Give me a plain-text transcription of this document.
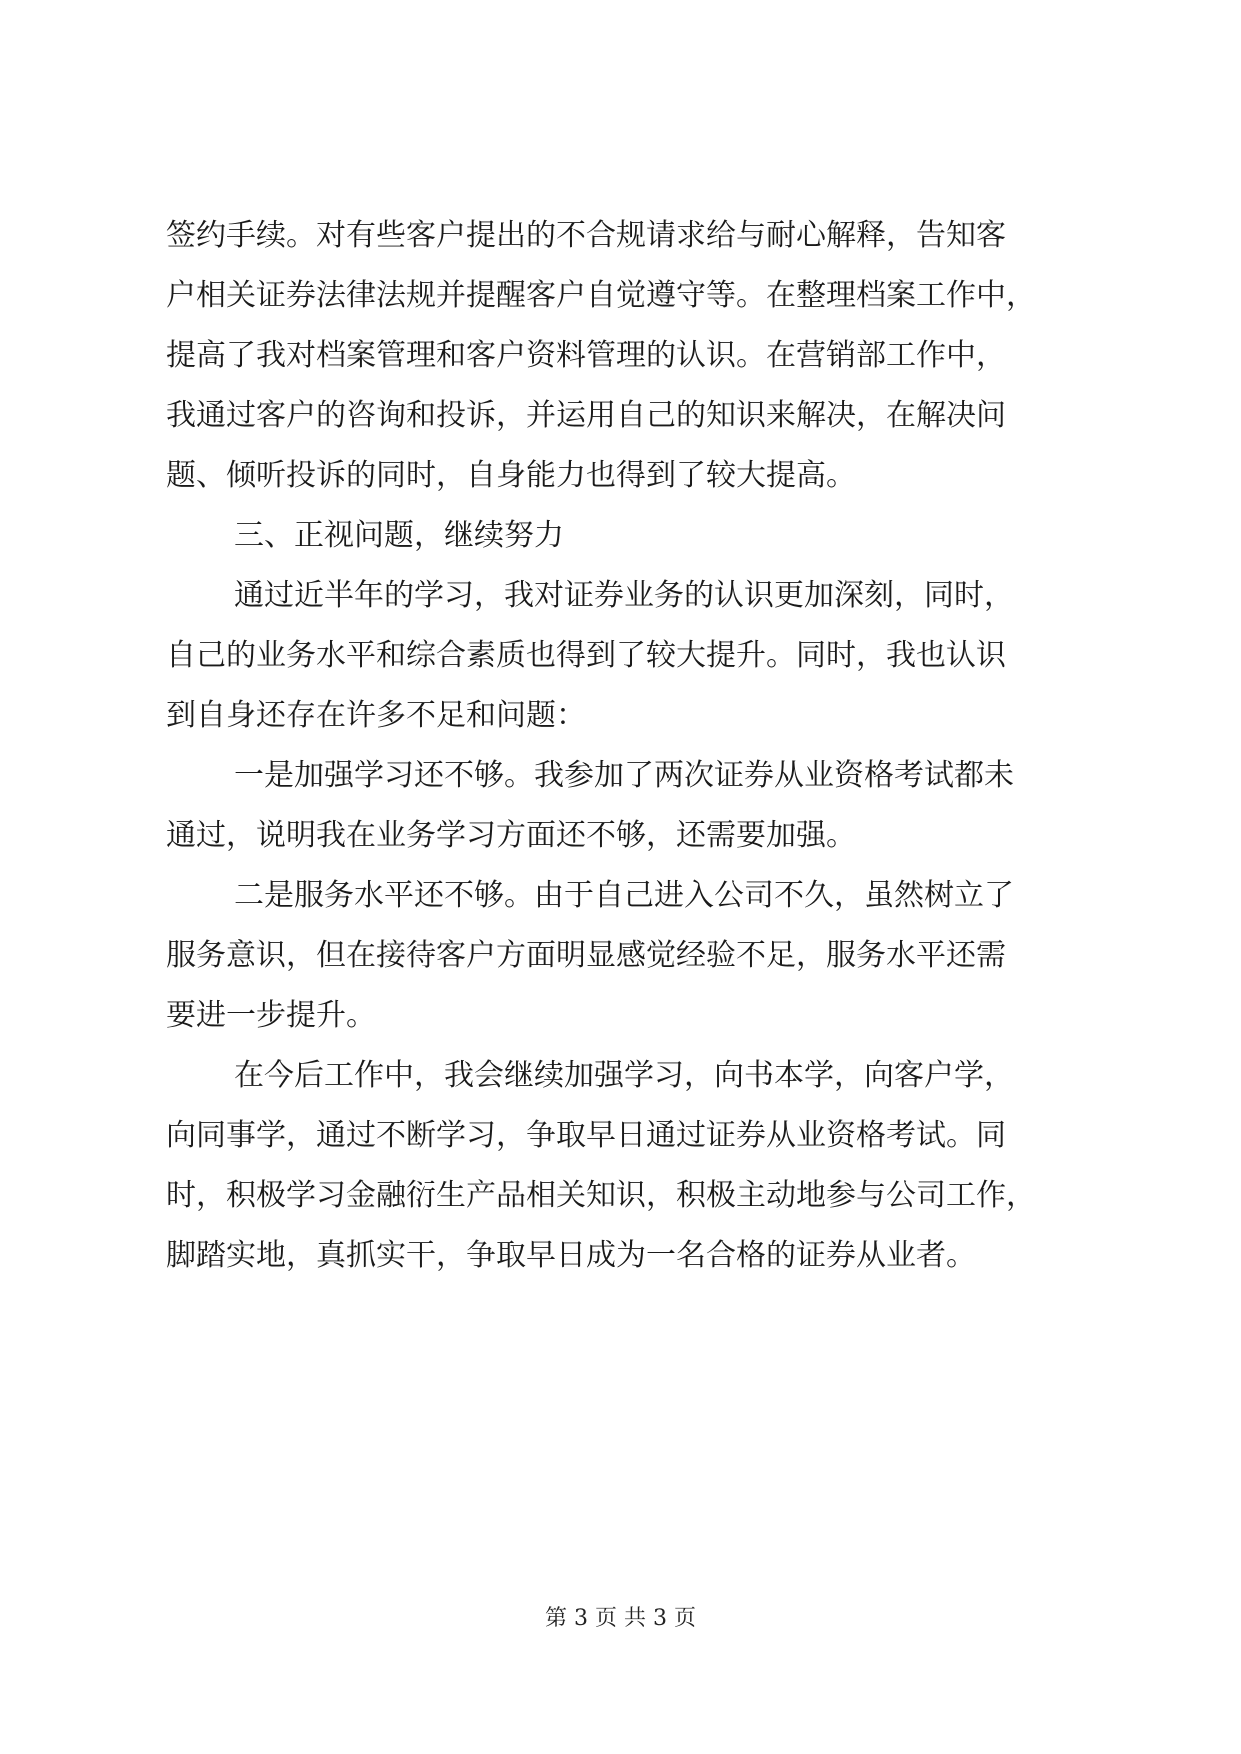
签约手续。对有些客户提出的不合规请求给与耐心解释，告知客
户相关证券法律法规并提醒客户自觉遵守等。在整理档案工作中，
提高了我对档案管理和客户资料管理的认识。在营销部工作中，
我通过客户的咨询和投诉，并运用自己的知识来解决，在解决问
题、倾听投诉的同时，自身能力也得到了较大提高。
三、正视问题，继续努力
通过近半年的学习，我对证券业务的认识更加深刻，同时，
自己的业务水平和综合素质也得到了较大提升。同时，我也认识
到自身还存在许多不足和问题：
一是加强学习还不够。我参加了两次证券从业资格考试都未
通过，说明我在业务学习方面还不够，还需要加强。
二是服务水平还不够。由于自己进入公司不久，虽然树立了
服务意识，但在接待客户方面明显感觉经验不足，服务水平还需
要进一步提升。
在今后工作中，我会继续加强学习，向书本学，向客户学，
向同事学，通过不断学习，争取早日通过证券从业资格考试。同
时，积极学习金融衍生产品相关知识，积极主动地参与公司工作，
脚踏实地，真抓实干，争取早日成为一名合格的证券从业者。
第 3 页 共 3 页
